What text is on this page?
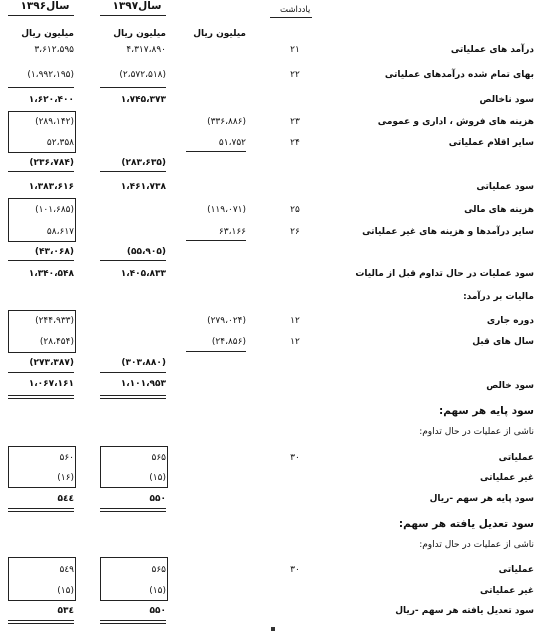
سال۱۳۹۷
سال۱۳۹۶	یادداشت
میلیون ریال
میلیون ریال
میلیون ریال
درآمد های عملیاتی
۲۱
۴،۳۱۷،۸۹۰
۳،۶۱۲،۵۹۵
بهای تمام شده درآمدهای عملیاتی
۲۲
(۲،۵۷۲،۵۱۸)
(۱،۹۹۲،۱۹۵)
سود ناخالص
۱،۷۴۵،۳۷۳
۱،۶۲۰،۴۰۰
هزینه های فروش ، اداری و عمومی
۲۳
(۳۳۶،۸۸۶)
(۲۸۹،۱۴۲)
سایر اقلام عملیاتی
۲۴
۵۱،۷۵۲
۵۲،۳۵۸
(۲۸۳،۶۳۵)
(۲۳۶،۷۸۴)
سود عملیاتی
۱،۴۶۱،۷۳۸
۱،۳۸۳،۶۱۶
هزینه های مالی
۲۵
(۱۱۹،۰۷۱)
(۱۰۱،۶۸۵)
سایر درآمدها و هزینه های غیر عملیاتی
۲۶
۶۳،۱۶۶
۵۸،۶۱۷
(۵۵،۹۰۵)
(۴۳،۰۶۸)
سود عملیات در حال تداوم قبل از مالیات
۱،۴۰۵،۸۳۳
۱،۳۴۰،۵۴۸
مالیات بر درآمد:
دوره جاری
۱۲
(۲۷۹،۰۲۴)
(۲۴۴،۹۳۳)
سال های قبل
۱۲
(۲۴،۸۵۶)
(۲۸،۴۵۴)
(۳۰۳،۸۸۰)
(۲۷۳،۳۸۷)
سود خالص
۱،۱۰۱،۹۵۳
۱،۰۶۷،۱۶۱
سود پایه هر سهم:
ناشی از عملیات در حال تداوم:
عملیاتی
۳۰
۵۶۵
۵۶۰
غیر عملیاتی
(۱۵)
(۱۶)
سود پایه هر سهم -ریال
۵۵۰
۵٤٤
سود تعدیل یافته هر سهم:
ناشی از عملیات در حال تداوم:
عملیاتی
۳۰
۵۶۵
۵٤۹
غیر عملیاتی
(۱۵)
(۱۵)
سود تعدیل یافته هر سهم -ریال
۵۵۰
۵۳٤
